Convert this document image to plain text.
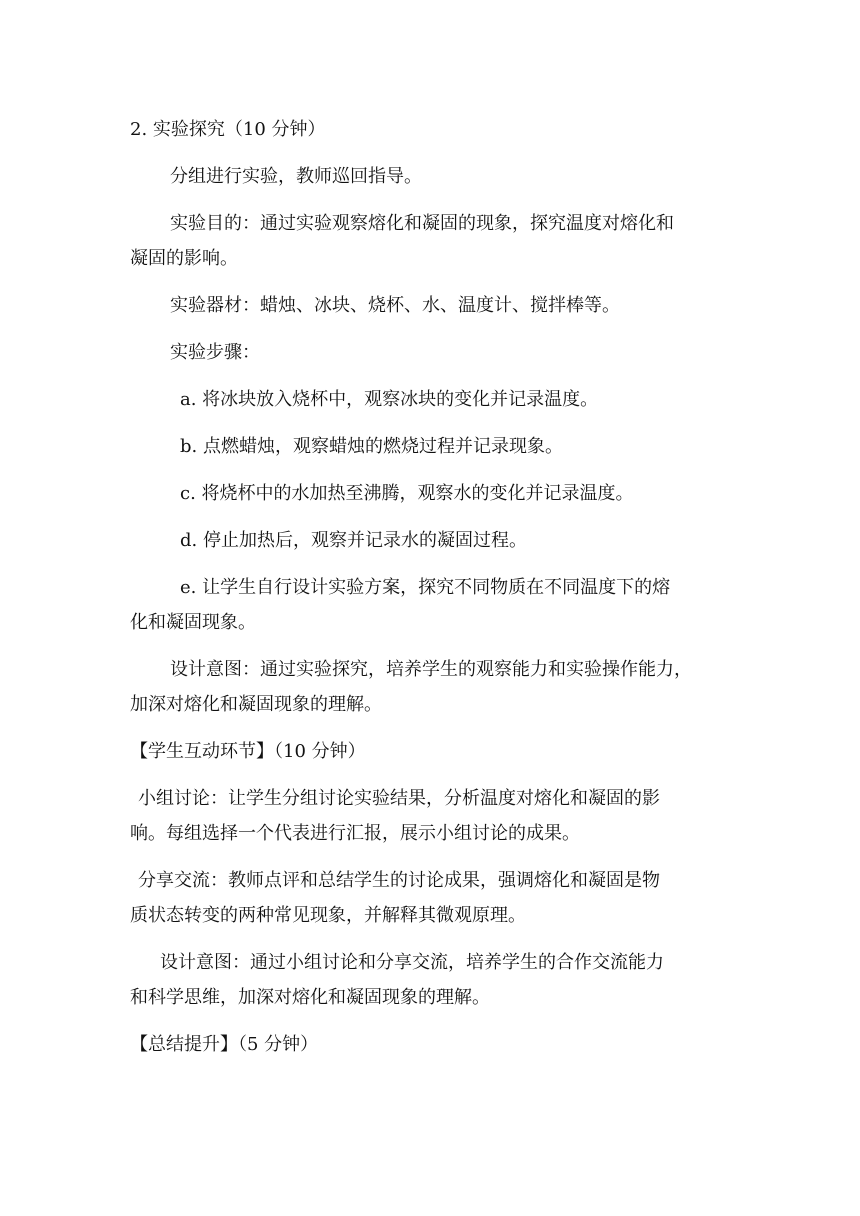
2. 实验探究（10 分钟）
分组进行实验，教师巡回指导。
实验目的：通过实验观察熔化和凝固的现象，探究温度对熔化和
凝固的影响。
实验器材：蜡烛、冰块、烧杯、水、温度计、搅拌棒等。
实验步骤：
a. 将冰块放入烧杯中，观察冰块的变化并记录温度。
b. 点燃蜡烛，观察蜡烛的燃烧过程并记录现象。
c. 将烧杯中的水加热至沸腾，观察水的变化并记录温度。
d. 停止加热后，观察并记录水的凝固过程。
e. 让学生自行设计实验方案，探究不同物质在不同温度下的熔
化和凝固现象。
设计意图：通过实验探究，培养学生的观察能力和实验操作能力，
加深对熔化和凝固现象的理解。
【学生互动环节】（10 分钟）
小组讨论：让学生分组讨论实验结果，分析温度对熔化和凝固的影
响。每组选择一个代表进行汇报，展示小组讨论的成果。
分享交流：教师点评和总结学生的讨论成果，强调熔化和凝固是物
质状态转变的两种常见现象，并解释其微观原理。
设计意图：通过小组讨论和分享交流，培养学生的合作交流能力
和科学思维，加深对熔化和凝固现象的理解。
【总结提升】（5 分钟）
